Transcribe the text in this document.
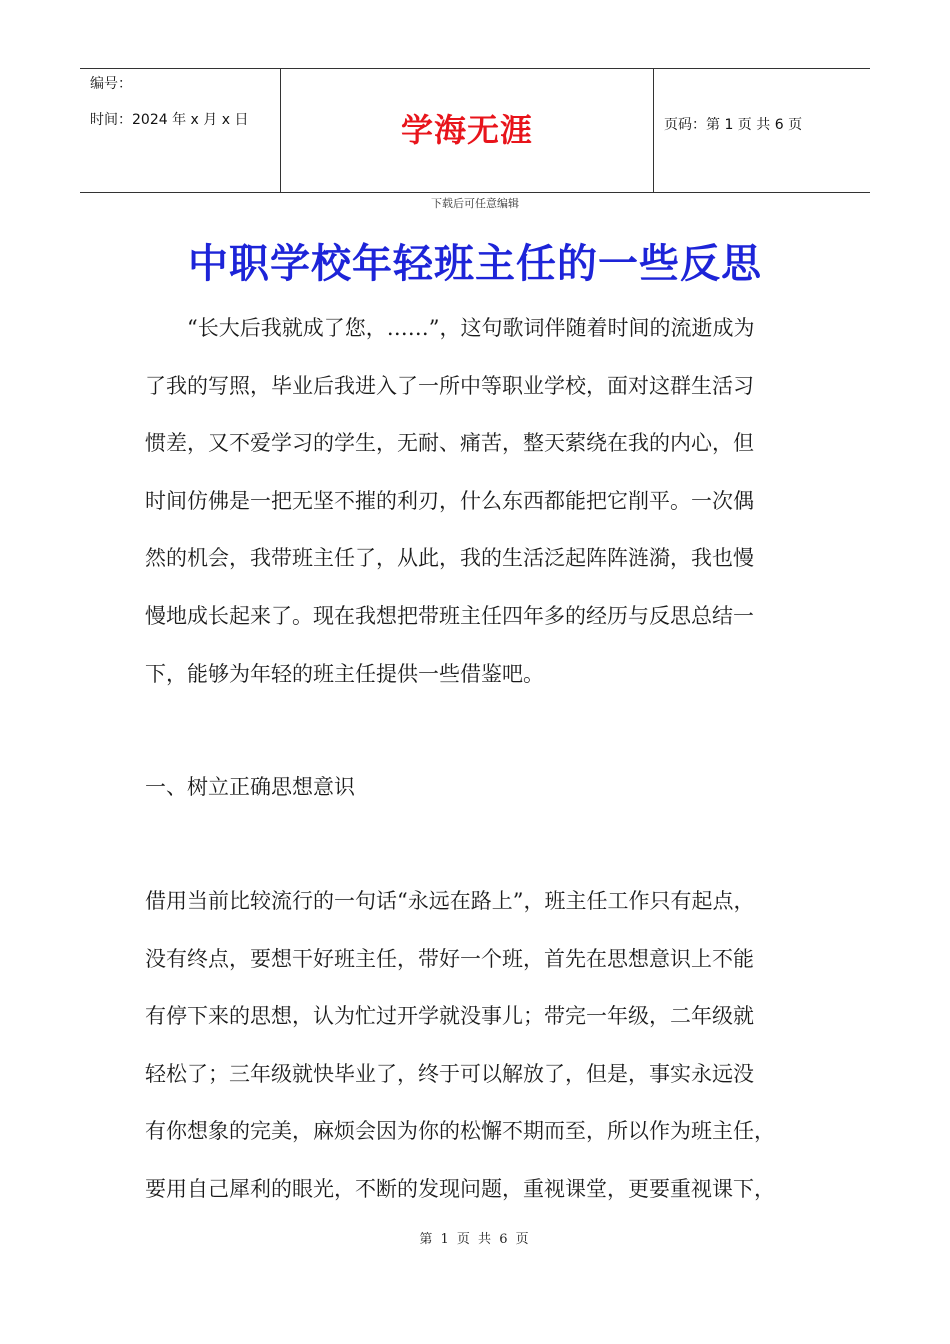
编号：
时间：2024 年 x 月 x 日	学海无涯	页码：第 1 页 共 6 页
下载后可任意编辑
中职学校年轻班主任的一些反思
“长大后我就成了您，……”，这句歌词伴随着时间的流逝成为
了我的写照，毕业后我进入了一所中等职业学校，面对这群生活习
惯差，又不爱学习的学生，无耐、痛苦，整天萦绕在我的内心，但
时间仿佛是一把无坚不摧的利刃，什么东西都能把它削平。一次偶
然的机会，我带班主任了，从此，我的生活泛起阵阵涟漪，我也慢
慢地成长起来了。现在我想把带班主任四年多的经历与反思总结一
下，能够为年轻的班主任提供一些借鉴吧。
一、树立正确思想意识
借用当前比较流行的一句话“永远在路上”，班主任工作只有起点，
没有终点，要想干好班主任，带好一个班，首先在思想意识上不能
有停下来的思想，认为忙过开学就没事儿；带完一年级，二年级就
轻松了；三年级就快毕业了，终于可以解放了，但是，事实永远没
有你想象的完美，麻烦会因为你的松懈不期而至，所以作为班主任，
要用自己犀利的眼光，不断的发现问题，重视课堂，更要重视课下，
第 1 页 共 6 页
